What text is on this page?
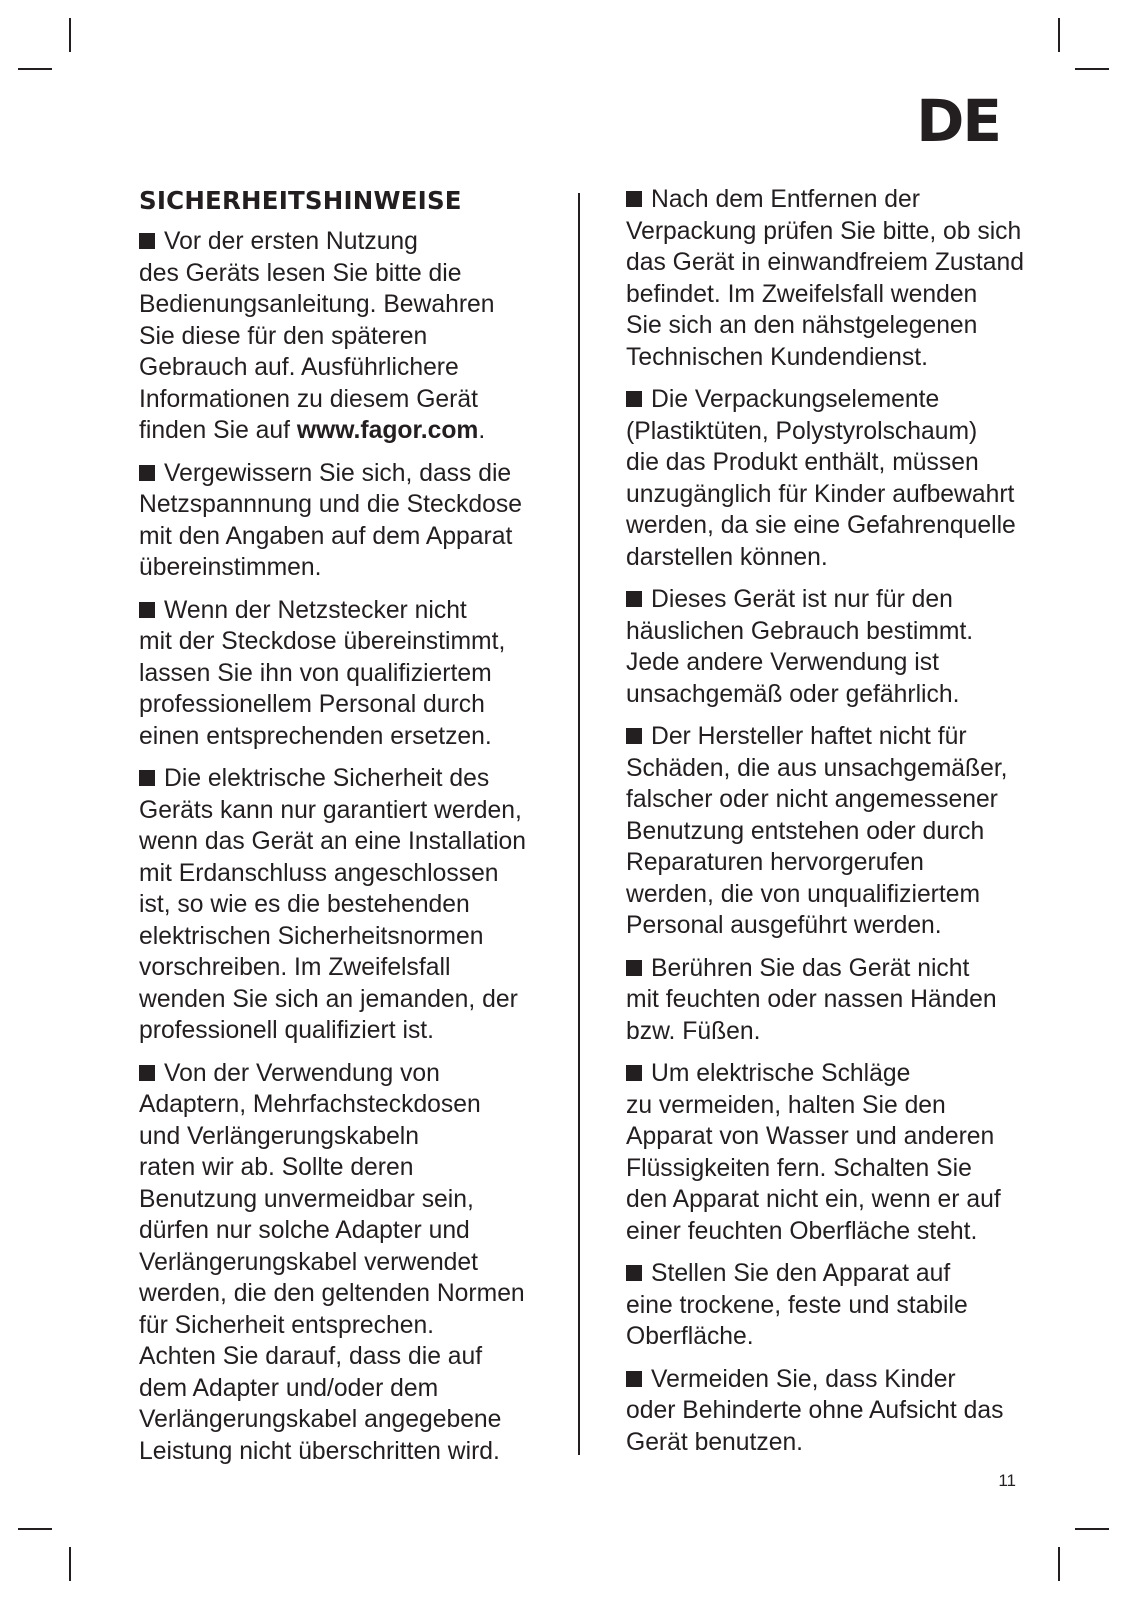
DE
SICHERHEITSHINWEISE

Vor der ersten Nutzung
des Geräts lesen Sie bitte die
Bedienungsanleitung. Bewahren
Sie diese für den späteren
Gebrauch auf. Ausführlichere
Informationen zu diesem Gerät
finden Sie auf www.fagor.com.

Vergewissern Sie sich, dass die
Netzspannnung und die Steckdose
mit den Angaben auf dem Apparat
übereinstimmen.

Wenn der Netzstecker nicht
mit der Steckdose übereinstimmt,
lassen Sie ihn von qualifiziertem
professionellem Personal durch
einen entsprechenden ersetzen.

Die elektrische Sicherheit des
Geräts kann nur garantiert werden,
wenn das Gerät an eine Installation
mit Erdanschluss angeschlossen
ist, so wie es die bestehenden
elektrischen Sicherheitsnormen
vorschreiben. Im Zweifelsfall
wenden Sie sich an jemanden, der
professionell qualifiziert ist.

Von der Verwendung von
Adaptern, Mehrfachsteckdosen
und Verlängerungskabeln
raten wir ab. Sollte deren
Benutzung unvermeidbar sein,
dürfen nur solche Adapter und
Verlängerungskabel verwendet
werden, die den geltenden Normen
für Sicherheit entsprechen.
Achten Sie darauf, dass die auf
dem Adapter und/oder dem
Verlängerungskabel angegebene
Leistung nicht überschritten wird.

Nach dem Entfernen der
Verpackung prüfen Sie bitte, ob sich
das Gerät in einwandfreiem Zustand
befindet. Im Zweifelsfall wenden
Sie sich an den nähstgelegenen
Technischen Kundendienst.

Die Verpackungselemente
(Plastiktüten, Polystyrolschaum)
die das Produkt enthält, müssen
unzugänglich für Kinder aufbewahrt
werden, da sie eine Gefahrenquelle
darstellen können.

Dieses Gerät ist nur für den
häuslichen Gebrauch bestimmt.
Jede andere Verwendung ist
unsachgemäß oder gefährlich.

Der Hersteller haftet nicht für
Schäden, die aus unsachgemäßer,
falscher oder nicht angemessener
Benutzung entstehen oder durch
Reparaturen hervorgerufen
werden, die von unqualifiziertem
Personal ausgeführt werden.

Berühren Sie das Gerät nicht
mit feuchten oder nassen Händen
bzw. Füßen.

Um elektrische Schläge
zu vermeiden, halten Sie den
Apparat von Wasser und anderen
Flüssigkeiten fern. Schalten Sie
den Apparat nicht ein, wenn er auf
einer feuchten Oberfläche steht.

Stellen Sie den Apparat auf
eine trockene, feste und stabile
Oberfläche.

Vermeiden Sie, dass Kinder
oder Behinderte ohne Aufsicht das
Gerät benutzen.

11
